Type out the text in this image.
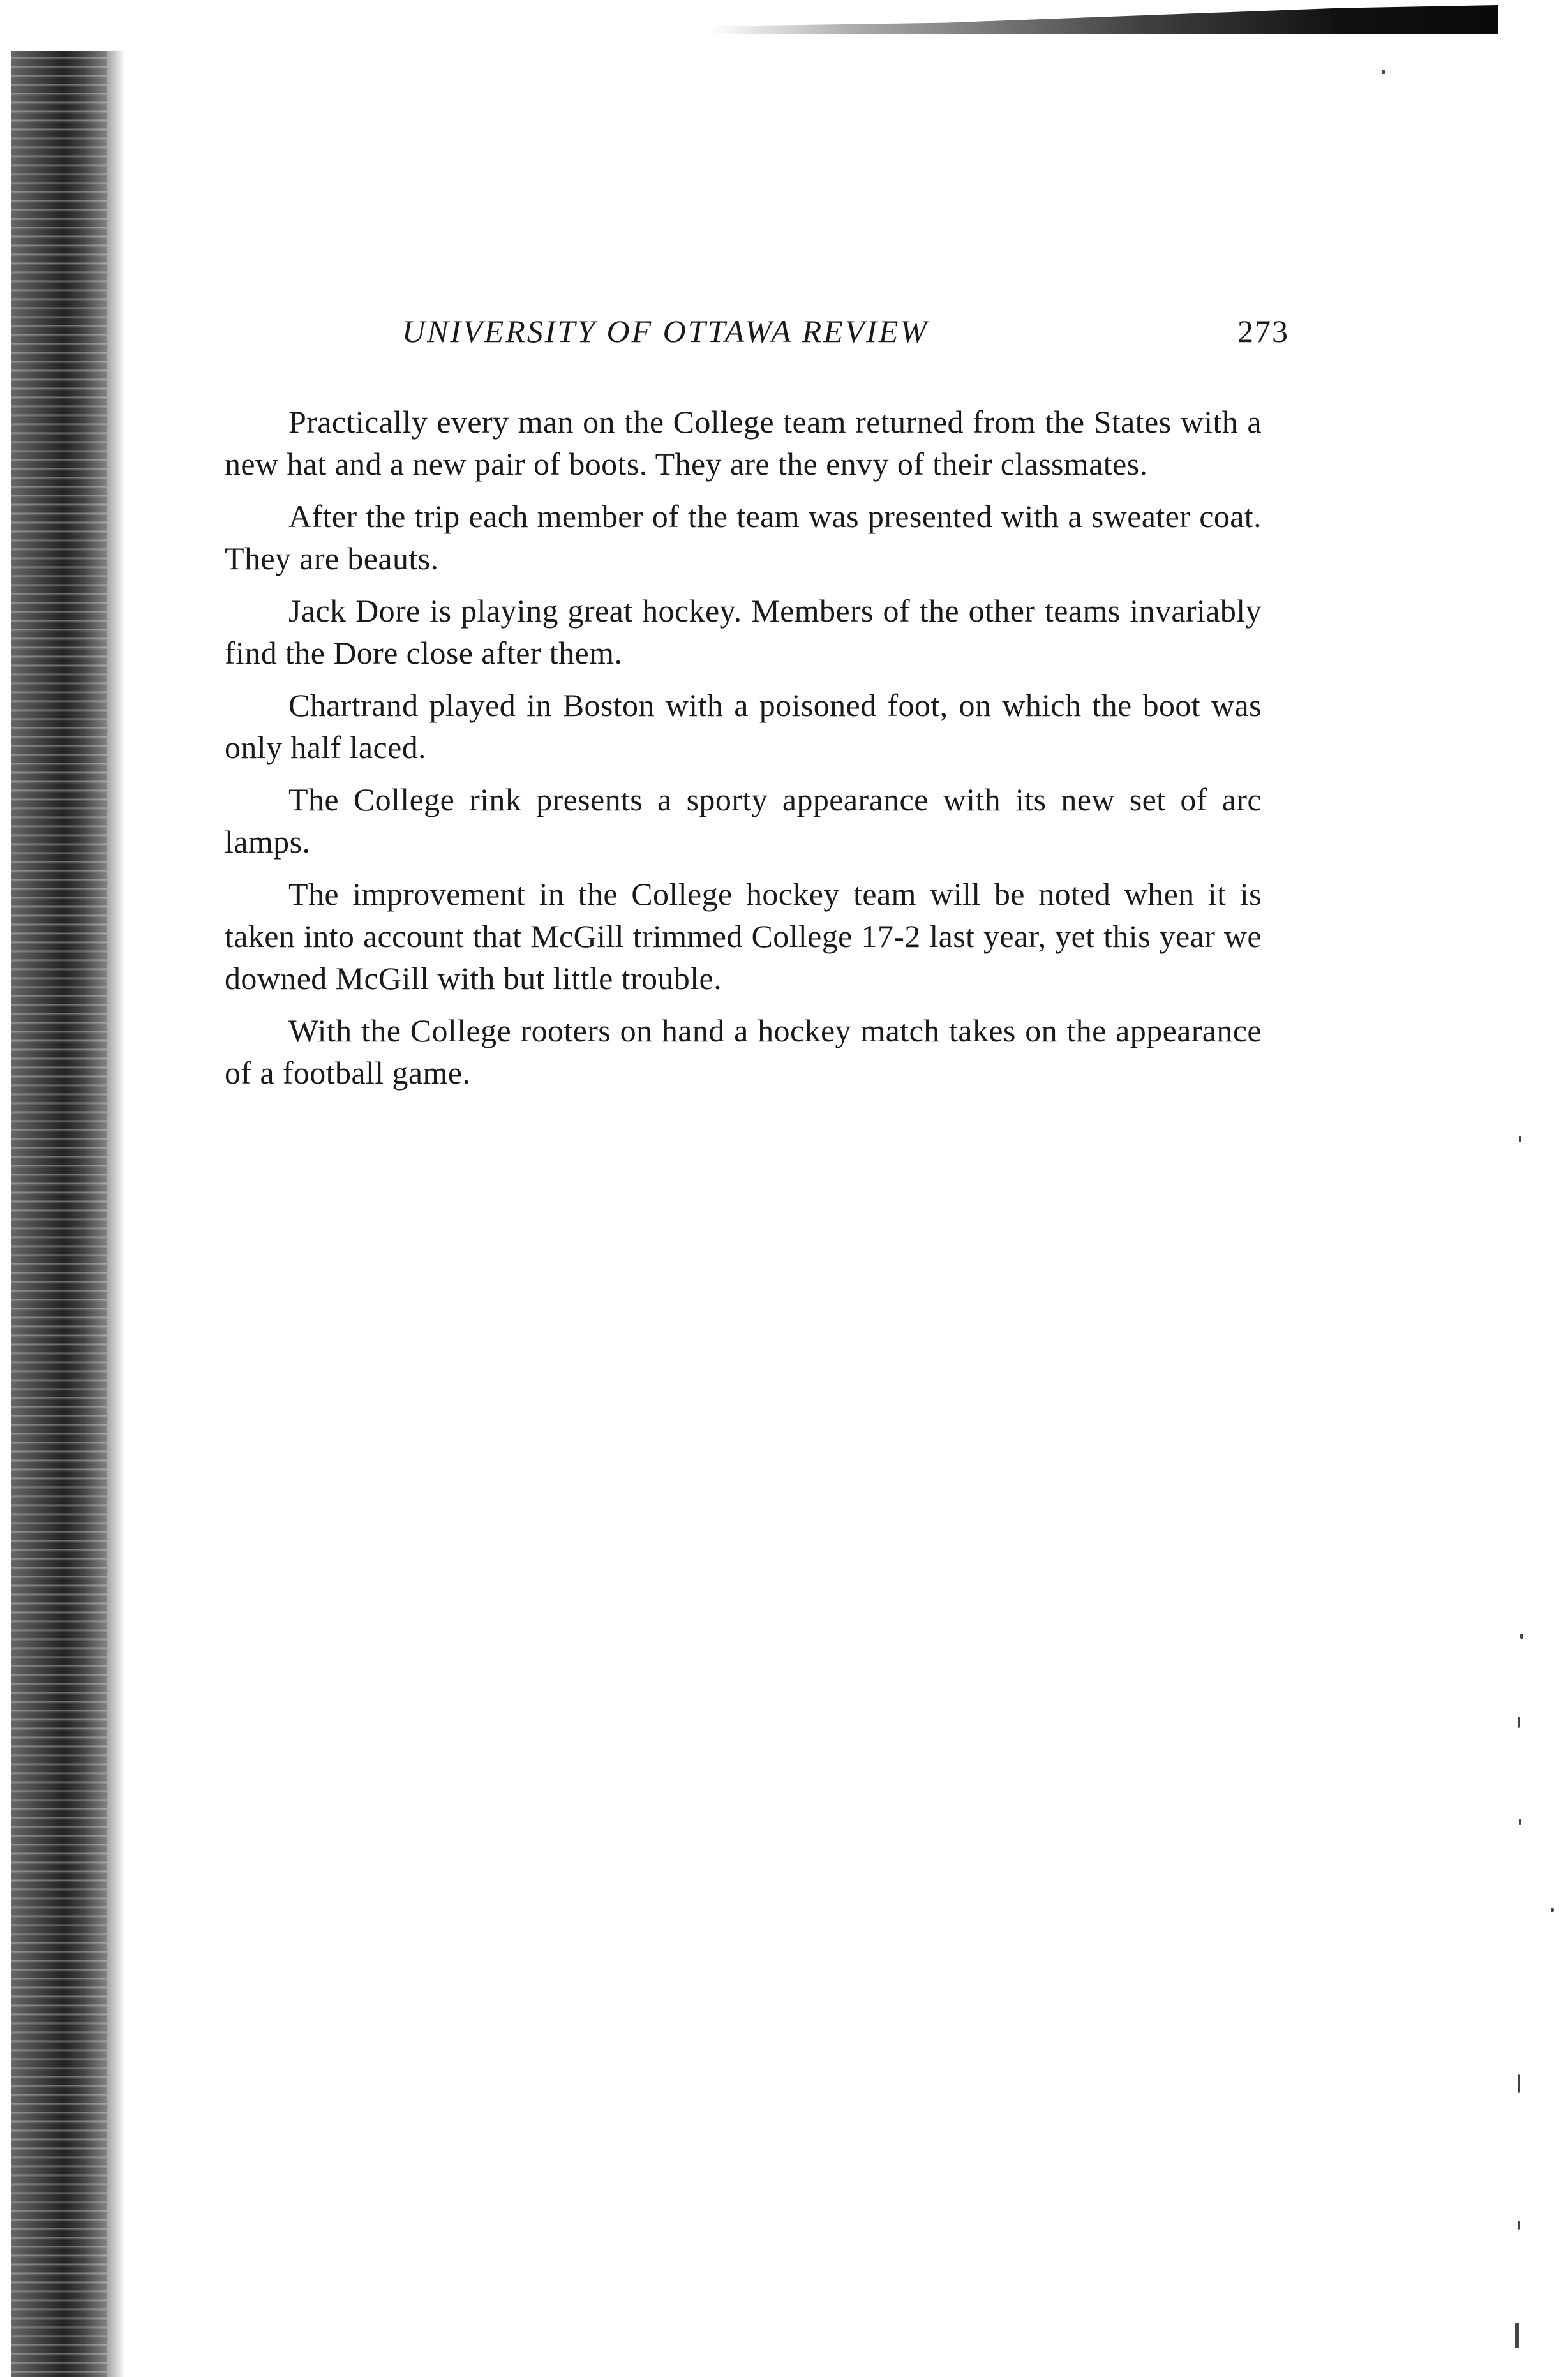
UNIVERSITY OF OTTAWA REVIEW	273

Practically every man on the College team returned from the States with a new hat and a new pair of boots. They are the envy of their classmates.

After the trip each member of the team was presented with a sweater coat. They are beauts.

Jack Dore is playing great hockey. Members of the other teams invariably find the Dore close after them.

Chartrand played in Boston with a poisoned foot, on which the boot was only half laced.

The College rink presents a sporty appearance with its new set of arc lamps.

The improvement in the College hockey team will be noted when it is taken into account that McGill trimmed College 17-2 last year, yet this year we downed McGill with but little trouble.

With the College rooters on hand a hockey match takes on the appearance of a football game.
